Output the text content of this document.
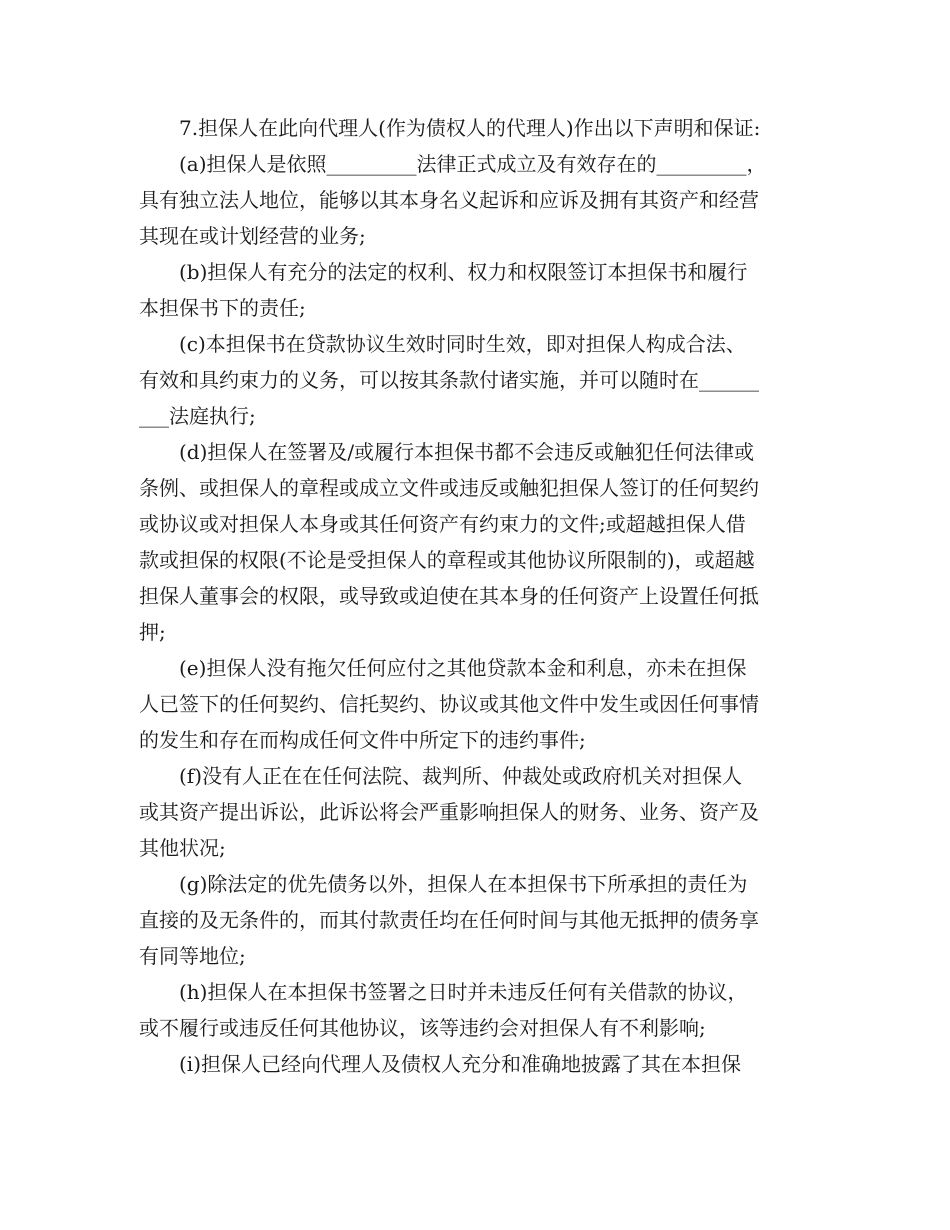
7.担保人在此向代理人(作为债权人的代理人)作出以下声明和保证:
(a)担保人是依照_________法律正式成立及有效存在的_________，
具有独立法人地位，能够以其本身名义起诉和应诉及拥有其资产和经营
其现在或计划经营的业务;
(b)担保人有充分的法定的权利、权力和权限签订本担保书和履行
本担保书下的责任;
(c)本担保书在贷款协议生效时同时生效，即对担保人构成合法、
有效和具约束力的义务，可以按其条款付诸实施，并可以随时在______
___法庭执行;
(d)担保人在签署及/或履行本担保书都不会违反或触犯任何法律或
条例、或担保人的章程或成立文件或违反或触犯担保人签订的任何契约
或协议或对担保人本身或其任何资产有约束力的文件;或超越担保人借
款或担保的权限(不论是受担保人的章程或其他协议所限制的)，或超越
担保人董事会的权限，或导致或迫使在其本身的任何资产上设置任何抵
押;
(e)担保人没有拖欠任何应付之其他贷款本金和利息，亦未在担保
人已签下的任何契约、信托契约、协议或其他文件中发生或因任何事情
的发生和存在而构成任何文件中所定下的违约事件;
(f)没有人正在在任何法院、裁判所、仲裁处或政府机关对担保人
或其资产提出诉讼，此诉讼将会严重影响担保人的财务、业务、资产及
其他状况;
(g)除法定的优先债务以外，担保人在本担保书下所承担的责任为
直接的及无条件的，而其付款责任均在任何时间与其他无抵押的债务享
有同等地位;
(h)担保人在本担保书签署之日时并未违反任何有关借款的协议，
或不履行或违反任何其他协议，该等违约会对担保人有不利影响;
(i)担保人已经向代理人及债权人充分和准确地披露了其在本担保
